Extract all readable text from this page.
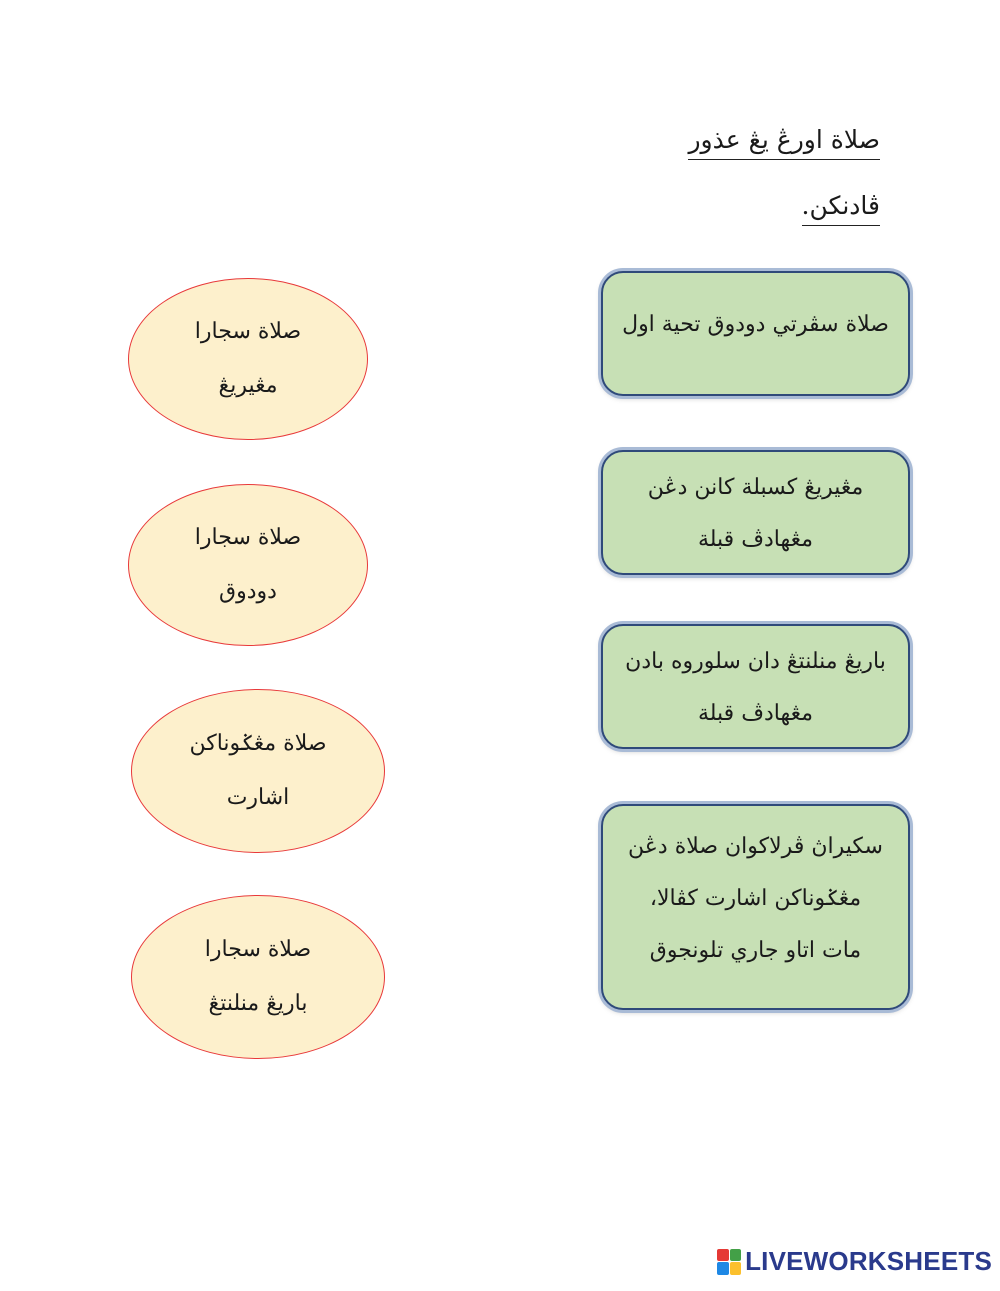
صلاة اورڠ يڠ عذور
ڤادنكن.
صلاة سجارا
مڠيريڠ
صلاة سجارا
دودوق
صلاة مڠݢوناكن
اشارت
صلاة سجارا
باريڠ منلنتڠ
صلاة سڤرتي دودوق تحية اول
مڠيريڠ كسبلة كانن دڠن
مڠهادڤ قبلة
باريڠ منلنتڠ دان سلوروه بادن
مڠهادڤ قبلة
سكيراڽ ڤرلاكوان صلاة دڠن
مڠݢوناكن اشارت كڤالا،
مات اتاو جاري تلونجوق
LIVEWORKSHEETS
